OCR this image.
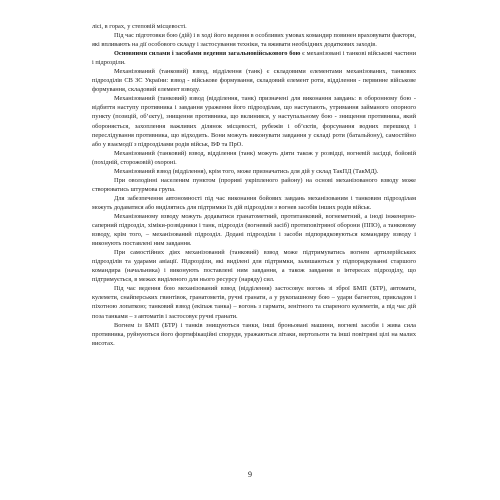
лісі, в горах, у степовій місцевості.

Під час підготовки бою (дій) і в ході його ведення в особливих умовах командир повинен враховувати фактори, які впливають на дії особового складу і застосування техніки, та вживати необхідних додаткових заходів.

Основними силами і засобами ведення загальновійськового бою є механізовані і танкові військові частини і підрозділи.

Механізований (танковий) взвод, відділення (танк) є складовими елементами механізованих, танкових підрозділів СВ ЗС України: взвод - військове формування, складовий елемент роти, відділення - первинне військове формування, складовий елемент взводу.

Механізований (танковий) взвод (відділення, танк) призначені для виконання завдань: в оборонному бою - відбиття наступу противника і завдання ураження його підрозділам, що наступають, утримання займаного опорного пункту (позицій, об’єкту), знищення противника, що вклинився, у наступальному бою - знищення противника, який обороняється, захоплення важливих ділянок місцевості, рубежів і об’єктів, форсування водних перешкод і переслідування противника, що відходить. Вони можуть виконувати завдання у складі роти (батальйону), самостійно або у взаємодії з підрозділами родів військ, ВФ та ПрО.

Механізований (танковий) взвод, відділення (танк) можуть діяти також у розвідці, вогневій засідці, бойовій (похідній, сторожовій) охороні.

Механізований взвод (відділення), крім того, може призначатись для дій у склад ТакПД (ТакМД).

При оволодінні населеним пунктом (прориві укріпленого району) на основі механізованого взводу може створюватись штурмова група.

Для забезпечення автономності під час виконання бойових завдань механізованим і танковим підрозділам можуть додаватися або виділятись для підтримки їх дій підрозділи з вогнев засобів інших родів військ.

Механізованому взводу можуть додаватися гранатометний, протитанковий, вогнеметний, а іноді інженерно-саперний підрозділ, хіміки-розвідники і танк, підрозділ (вогневий засіб) протиповітряної оборони (ППО), а танковому взводу, крім того, – механізований підрозділ. Додані підрозділи і засоби підпорядковуються командиру взводу і виконують поставлені ним завдання.

При самостійних діях механізований (танковий) взвод може підтримуватись вогнем артилерійських підрозділів та ударами авіації. Підрозділи, які виділені для підтримки, залишаються у підпорядкуванні старшого командира (начальника) і виконують поставлені ним завдання, а також завдання в інтересах підрозділу, що підтримується, в межах виділеного для нього ресурсу (наряду) сил.

Під час ведення бою механізований взвод (відділення) застосовує вогонь зі зброї БМП (БТР), автомати, кулемети, снайперських гвинтівок, гранатометів, ручні гранати, а у рукопашному бою – удари багнетом, прикладом і піхотною лопаткою; танковий взвод (екіпаж танка) – вогонь з гармати, зенітного та спареного кулеметів, а під час дій поза танками – з автоматів і застосовує ручні гранати.

Вогнем із БМП (БТР) і танків знищуються танки, інші броньовані машини, вогневі засоби і жива сила противника, руйнуються його фортифікаційні споруди, уражаються літаки, вертольоти та інші повітряні цілі на малих висотах.

9
